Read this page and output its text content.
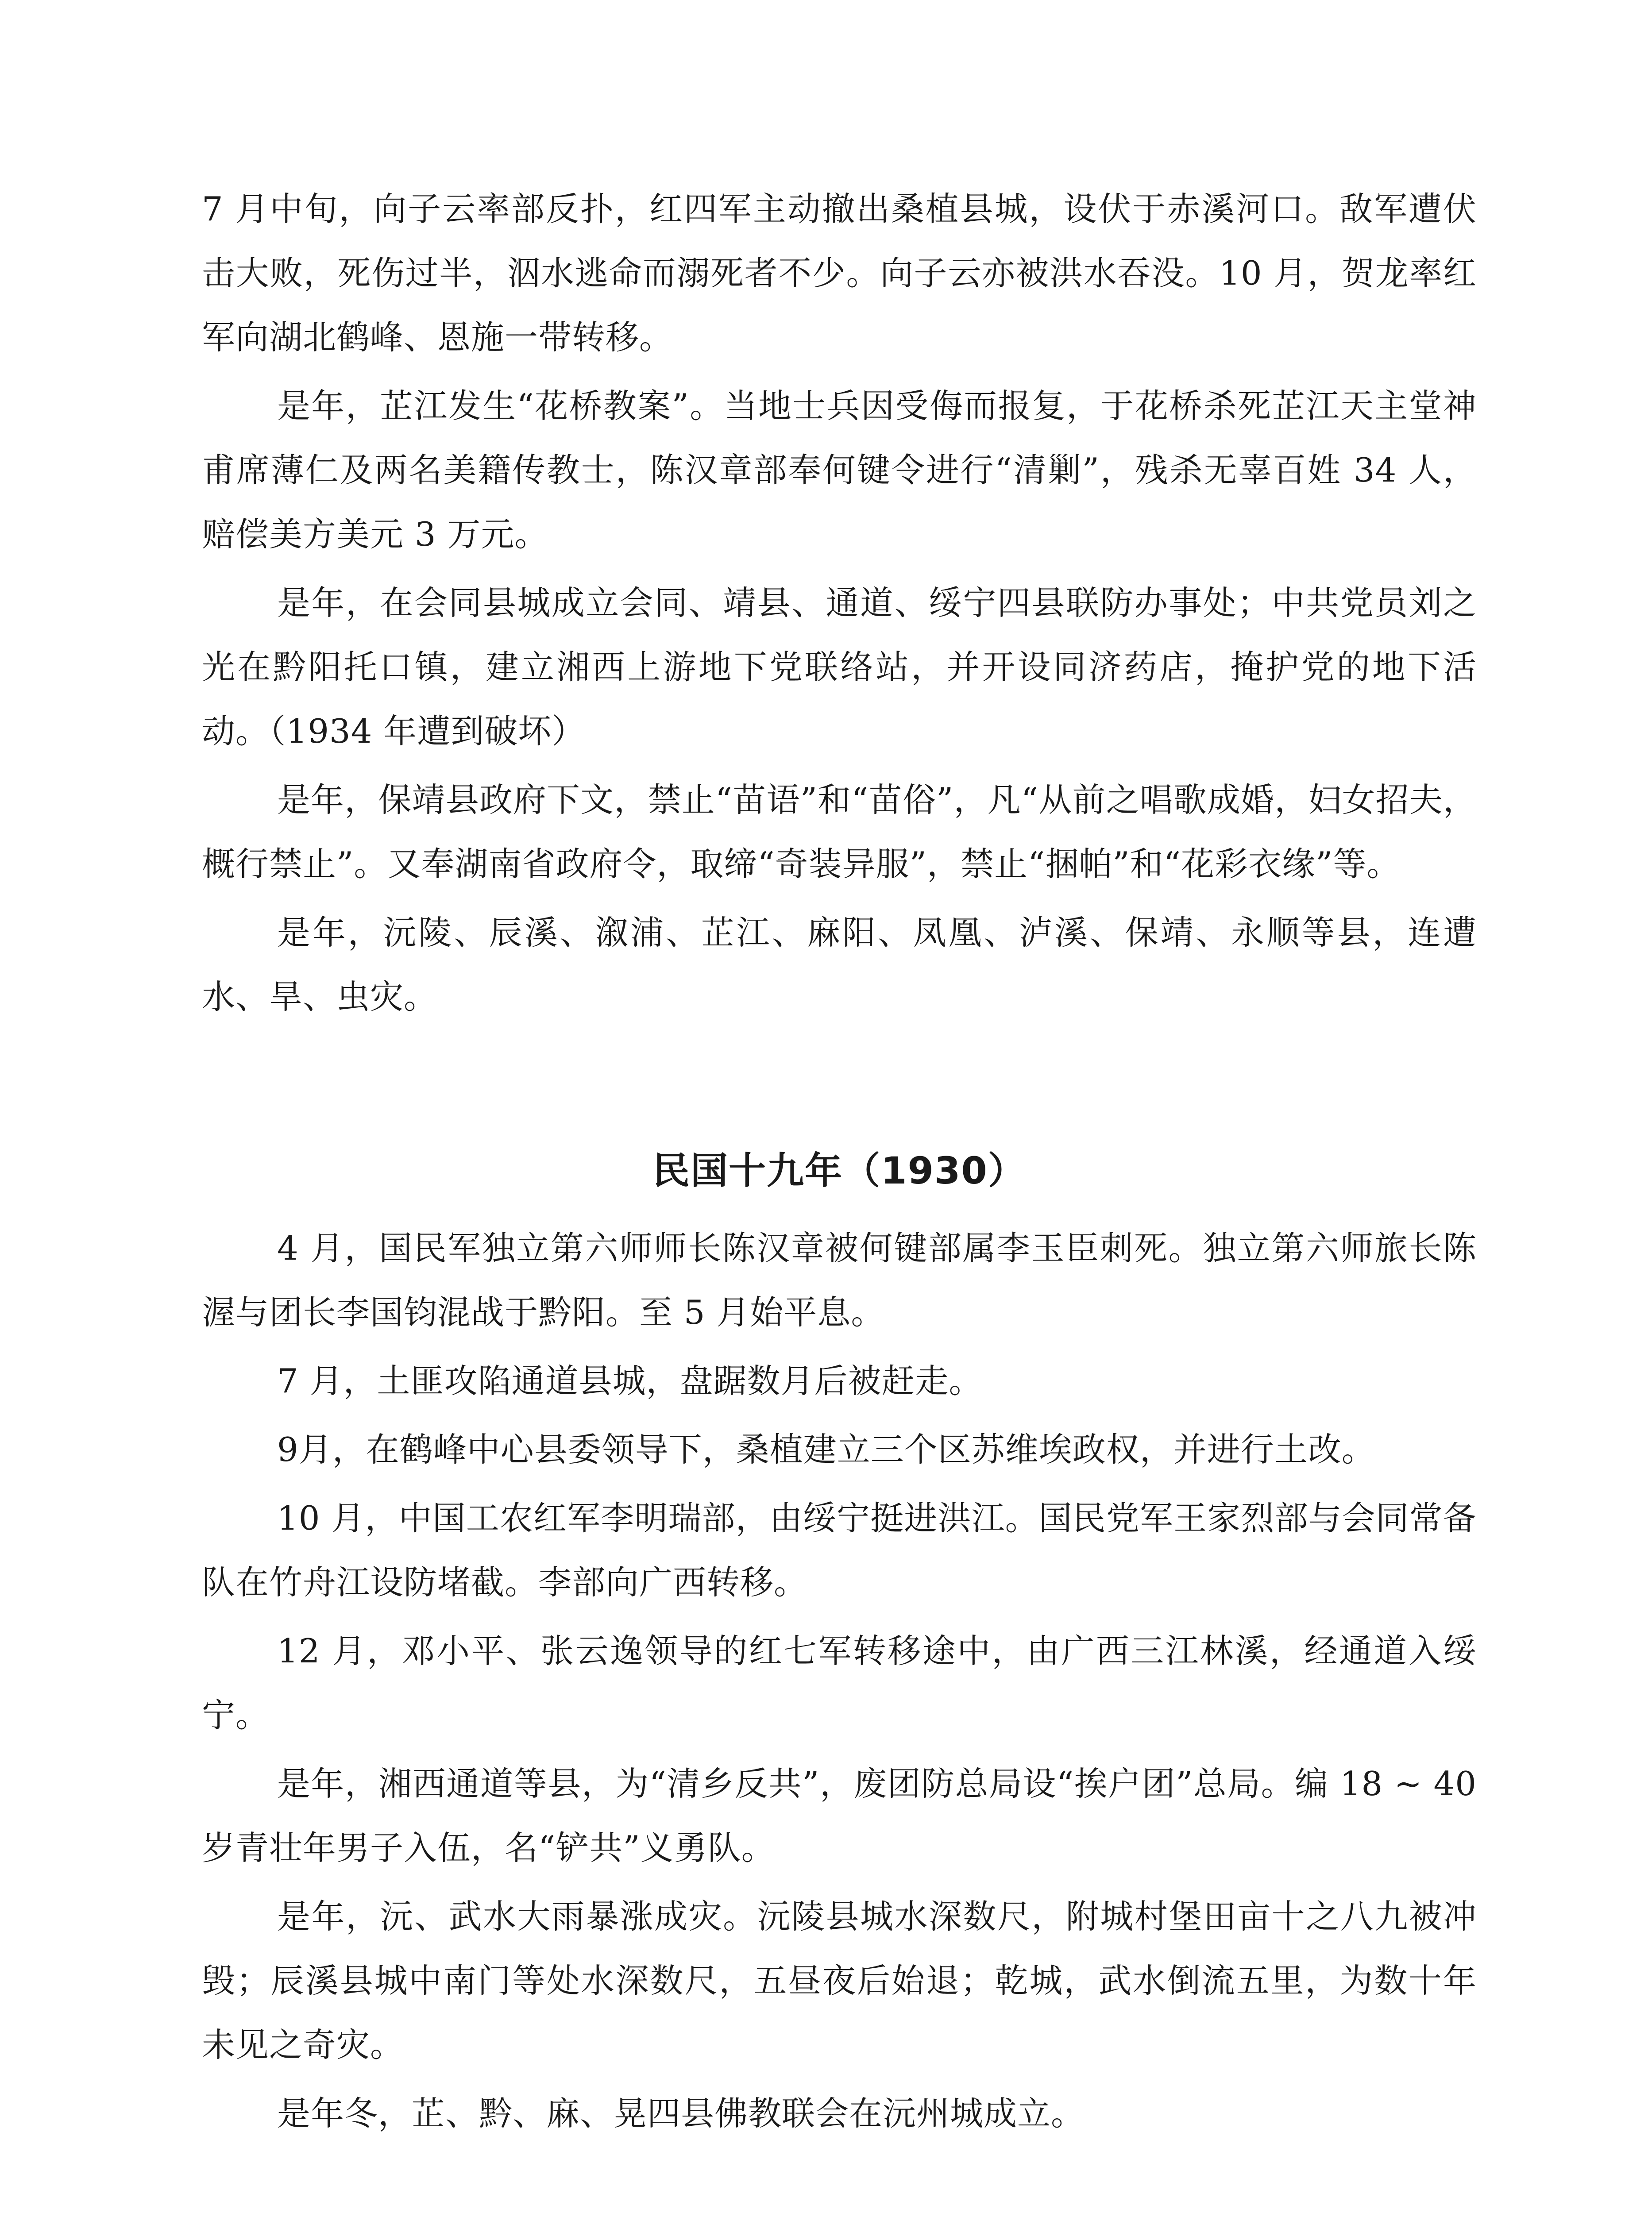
7 月中旬，向子云率部反扑，红四军主动撤出桑植县城，设伏于赤溪河口。敌军遭伏击大败，死伤过半，泅水逃命而溺死者不少。向子云亦被洪水吞没。10 月，贺龙率红军向湖北鹤峰、恩施一带转移。

是年，芷江发生“花桥教案”。当地士兵因受侮而报复，于花桥杀死芷江天主堂神甫席薄仁及两名美籍传教士，陈汉章部奉何键令进行“清剿”，残杀无辜百姓 34 人，赔偿美方美元 3 万元。

是年，在会同县城成立会同、靖县、通道、绥宁四县联防办事处；中共党员刘之光在黔阳托口镇，建立湘西上游地下党联络站，并开设同济药店，掩护党的地下活动。（1934 年遭到破坏）

是年，保靖县政府下文，禁止“苗语”和“苗俗”，凡“从前之唱歌成婚，妇女招夫，概行禁止”。又奉湖南省政府令，取缔“奇装异服”，禁止“捆帕”和“花彩衣缘”等。

是年，沅陵、辰溪、溆浦、芷江、麻阳、凤凰、泸溪、保靖、永顺等县，连遭水、旱、虫灾。

民国十九年（1930）

4 月，国民军独立第六师师长陈汉章被何键部属李玉臣刺死。独立第六师旅长陈渥与团长李国钧混战于黔阳。至 5 月始平息。

7 月，土匪攻陷通道县城，盘踞数月后被赶走。

9月，在鹤峰中心县委领导下，桑植建立三个区苏维埃政权，并进行土改。

10 月，中国工农红军李明瑞部，由绥宁挺进洪江。国民党军王家烈部与会同常备队在竹舟江设防堵截。李部向广西转移。

12 月，邓小平、张云逸领导的红七军转移途中，由广西三江林溪，经通道入绥宁。

是年，湘西通道等县，为“清乡反共”，废团防总局设“挨户团”总局。编 18 ~ 40 岁青壮年男子入伍，名“铲共”义勇队。

是年，沅、武水大雨暴涨成灾。沅陵县城水深数尺，附城村堡田亩十之八九被冲毁；辰溪县城中南门等处水深数尺，五昼夜后始退；乾城，武水倒流五里，为数十年未见之奇灾。

是年冬，芷、黔、麻、晃四县佛教联会在沅州城成立。
